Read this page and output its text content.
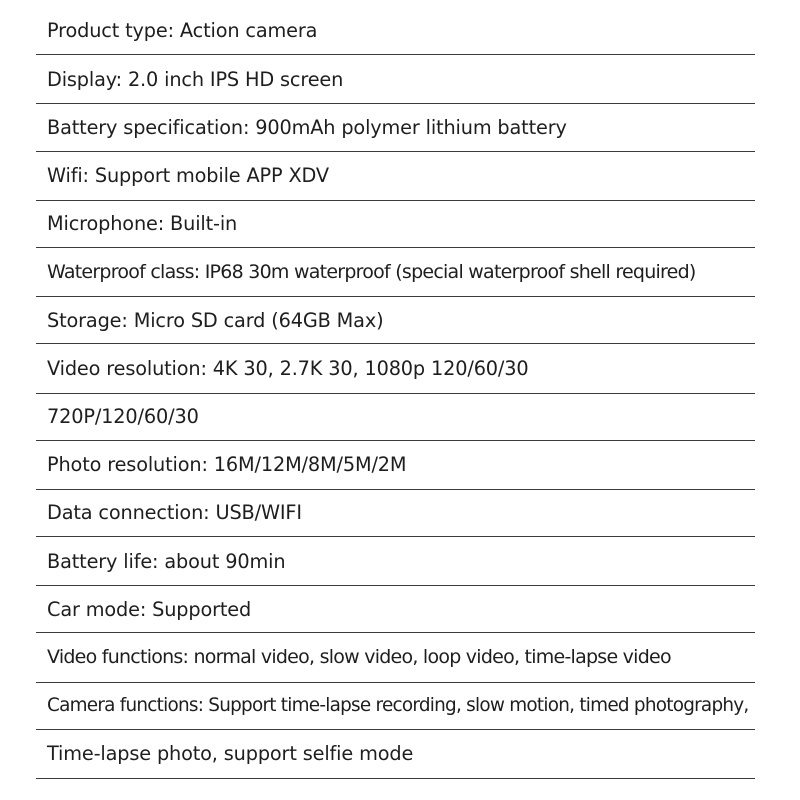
Product type: Action camera
Display: 2.0 inch IPS HD screen
Battery specification: 900mAh polymer lithium battery
Wifi: Support mobile APP XDV
Microphone: Built-in
Waterproof class: IP68 30m waterproof (special waterproof shell required)
Storage: Micro SD card (64GB Max)
Video resolution: 4K 30, 2.7K 30, 1080p 120/60/30
720P/120/60/30
Photo resolution: 16M/12M/8M/5M/2M
Data connection: USB/WIFI
Battery life: about 90min
Car mode: Supported
Video functions: normal video, slow video, loop video, time-lapse video
Camera functions: Support time-lapse recording, slow motion, timed photography,
Time-lapse photo, support selfie mode
